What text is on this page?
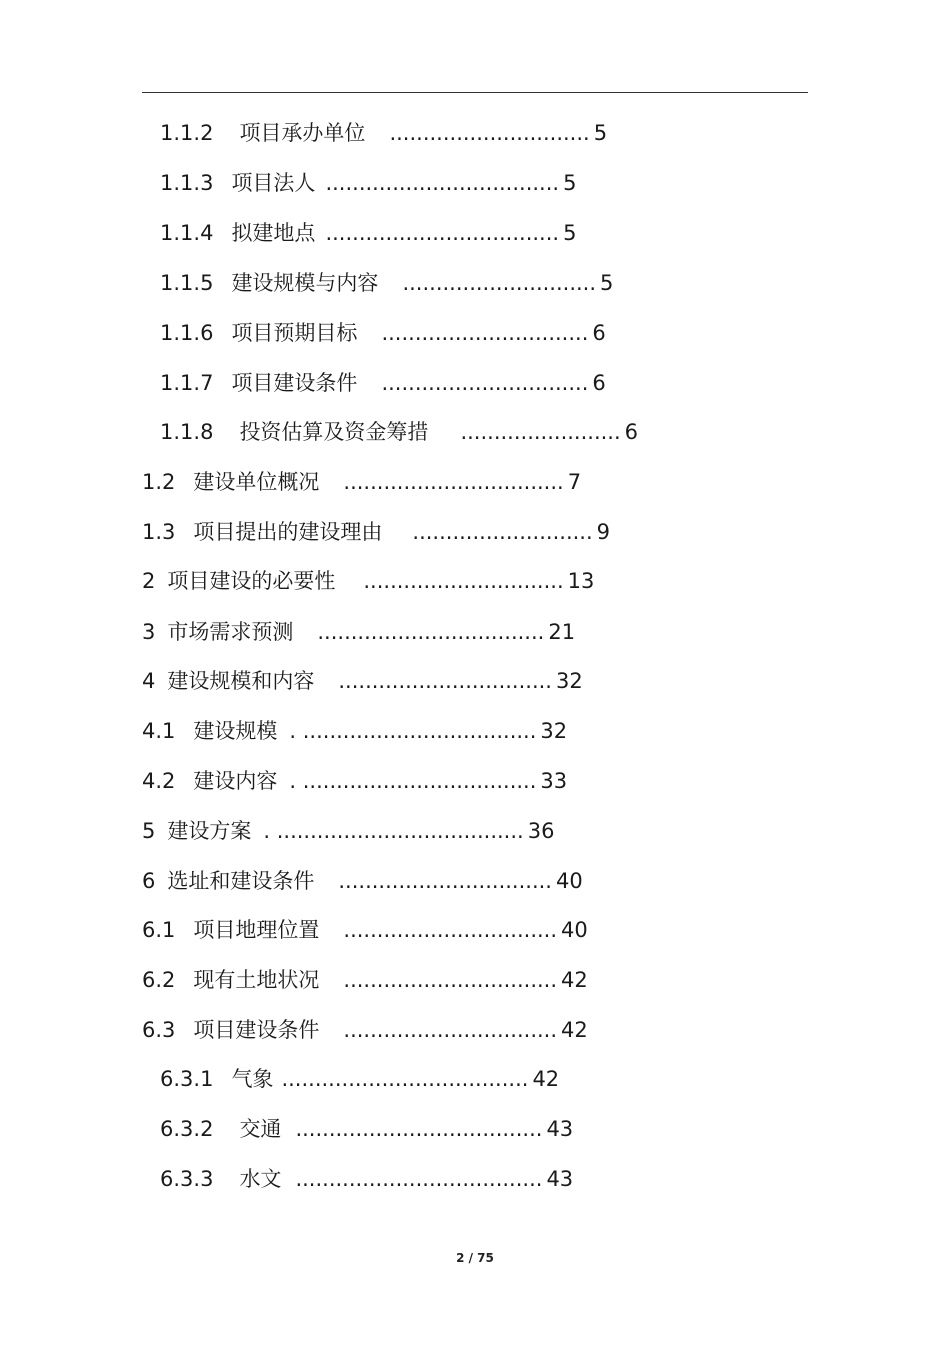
1.1.2 项目承办单位 .............................. 5
1.1.3 项目法人 ................................... 5
1.1.4 拟建地点 ................................... 5
1.1.5 建设规模与内容 ............................. 5
1.1.6 项目预期目标 ............................... 6
1.1.7 项目建设条件 ............................... 6
1.1.8 投资估算及资金筹措 ........................ 6
1.2 建设单位概况 ................................. 7
1.3 项目提出的建设理由 ........................... 9
2 项目建设的必要性 .............................. 13
3 市场需求预测 .................................. 21
4 建设规模和内容 ................................ 32
4.1 建设规模 . ................................... 32
4.2 建设内容 . ................................... 33
5 建设方案 . ..................................... 36
6 选址和建设条件 ................................ 40
6.1 项目地理位置 ................................ 40
6.2 现有土地状况 ................................ 42
6.3 项目建设条件 ................................ 42
6.3.1 气象 ..................................... 42
6.3.2 交通 ..................................... 43
6.3.3 水文 ..................................... 43
2 / 75
